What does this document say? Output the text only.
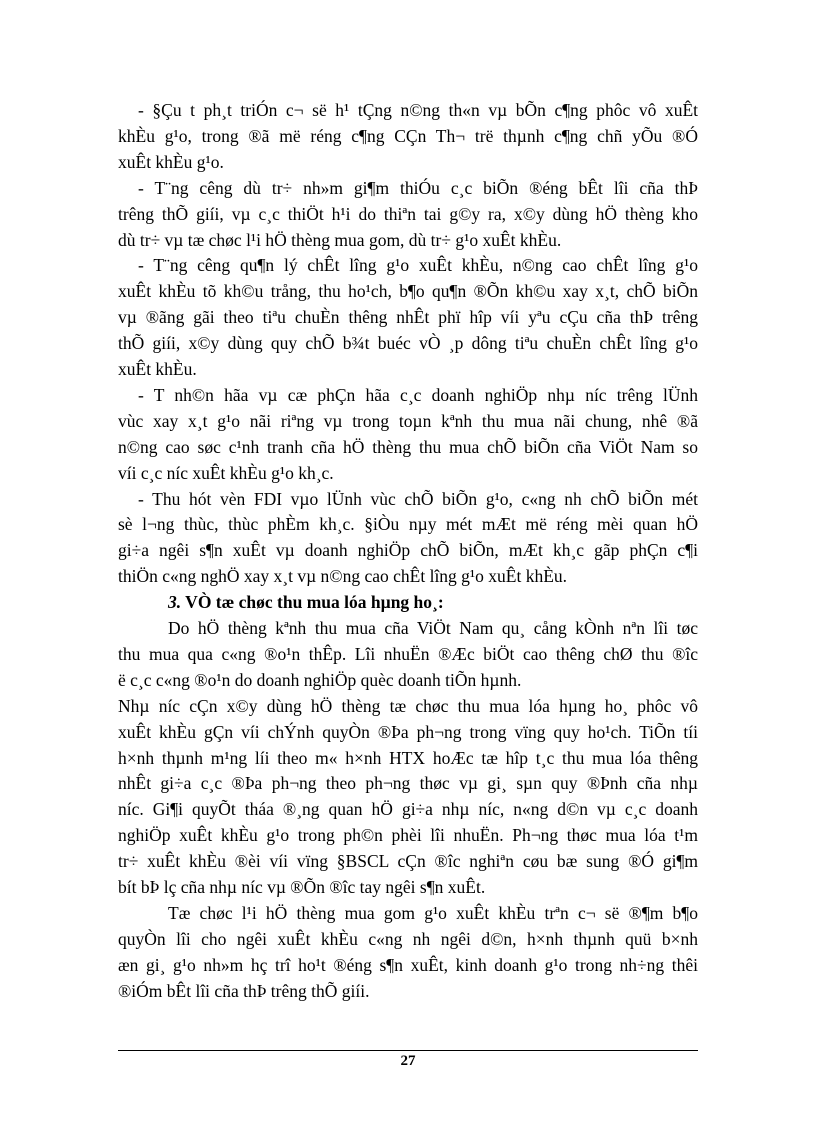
- §Çu t ph¸t triÓn c¬ së h¹ tÇng n©ng th«n vµ bÕn c¶ng phôc vô xuÊt
khÈu g¹o, trong ®ã më réng c¶ng CÇn Th¬ trë thµnh c¶ng chñ yÕu ®Ó
xuÊt khÈu g¹o.
- T¨ng cêng dù tr÷ nh»m gi¶m thiÓu c¸c biÕn ®éng bÊt lîi cña thÞ
trêng thÕ giíi, vµ c¸c thiÖt h¹i do thiªn tai g©y ra, x©y dùng hÖ thèng kho
dù tr÷ vµ tæ chøc l¹i hÖ thèng mua gom, dù tr÷ g¹o xuÊt khÈu.
- T¨ng cêng qu¶n lý chÊt lîng g¹o xuÊt khÈu, n©ng cao chÊt lîng g¹o
xuÊt khÈu tõ kh©u trång, thu ho¹ch, b¶o qu¶n ®Õn kh©u xay x¸t, chÕ biÕn
vµ ®ãng gãi theo tiªu chuÈn thêng nhÊt phï hîp víi yªu cÇu cña thÞ trêng
thÕ giíi, x©y dùng quy chÕ b¾t buéc vÒ ¸p dông tiªu chuÈn chÊt lîng g¹o
xuÊt khÈu.
- T nh©n hãa vµ cæ phÇn hãa c¸c doanh nghiÖp nhµ níc trêng lÜnh
vùc xay x¸t g¹o nãi riªng vµ trong toµn kªnh thu mua nãi chung, nhê ®ã
n©ng cao søc c¹nh tranh cña hÖ thèng thu mua chÕ biÕn cña ViÖt Nam so
víi c¸c níc xuÊt khÈu g¹o kh¸c.
- Thu hót vèn FDI vµo lÜnh vùc chÕ biÕn g¹o, c«ng nh chÕ biÕn mét
sè l¬ng thùc, thùc phÈm kh¸c. §iÒu nµy mét mÆt më réng mèi quan hÖ
gi÷a ngêi s¶n xuÊt vµ doanh nghiÖp chÕ biÕn, mÆt kh¸c gãp phÇn c¶i
thiÖn c«ng nghÖ xay x¸t vµ n©ng cao chÊt lîng g¹o xuÊt khÈu.
3. VÒ tæ chøc thu mua lóa hµng ho¸:
Do hÖ thèng kªnh thu mua cña ViÖt Nam qu¸ cång kÒnh nªn lîi tøc
thu mua qua c«ng ®o¹n thÊp. Lîi nhuËn ®Æc biÖt cao thêng chØ thu ®îc
ë c¸c c«ng ®o¹n do doanh nghiÖp quèc doanh tiÕn hµnh.
Nhµ níc cÇn x©y dùng hÖ thèng tæ chøc thu mua lóa hµng ho¸ phôc vô
xuÊt khÈu gÇn víi chÝnh quyÒn ®Þa ph¬ng trong vïng quy ho¹ch. TiÕn tíi
h×nh thµnh m¹ng líi theo m« h×nh HTX hoÆc tæ hîp t¸c thu mua lóa thêng
nhÊt gi÷a c¸c ®Þa ph¬ng theo ph¬ng thøc vµ gi¸ sµn quy ®Þnh cña nhµ
níc. Gi¶i quyÕt tháa ®¸ng quan hÖ gi÷a nhµ níc, n«ng d©n vµ c¸c doanh
nghiÖp xuÊt khÈu g¹o trong ph©n phèi lîi nhuËn. Ph¬ng thøc mua lóa t¹m
tr÷ xuÊt khÈu ®èi víi vïng §BSCL cÇn ®îc nghiªn cøu bæ sung ®Ó gi¶m
bít bÞ lç cña nhµ níc vµ ®Õn ®îc tay ngêi s¶n xuÊt.
Tæ chøc l¹i hÖ thèng mua gom g¹o xuÊt khÈu trªn c¬ së ®¶m b¶o
quyÒn lîi cho ngêi xuÊt khÈu c«ng nh ngêi d©n, h×nh thµnh quü b×nh
æn gi¸ g¹o nh»m hç trî ho¹t ®éng s¶n xuÊt, kinh doanh g¹o trong nh÷ng thêi
®iÓm bÊt lîi cña thÞ trêng thÕ giíi.
27
